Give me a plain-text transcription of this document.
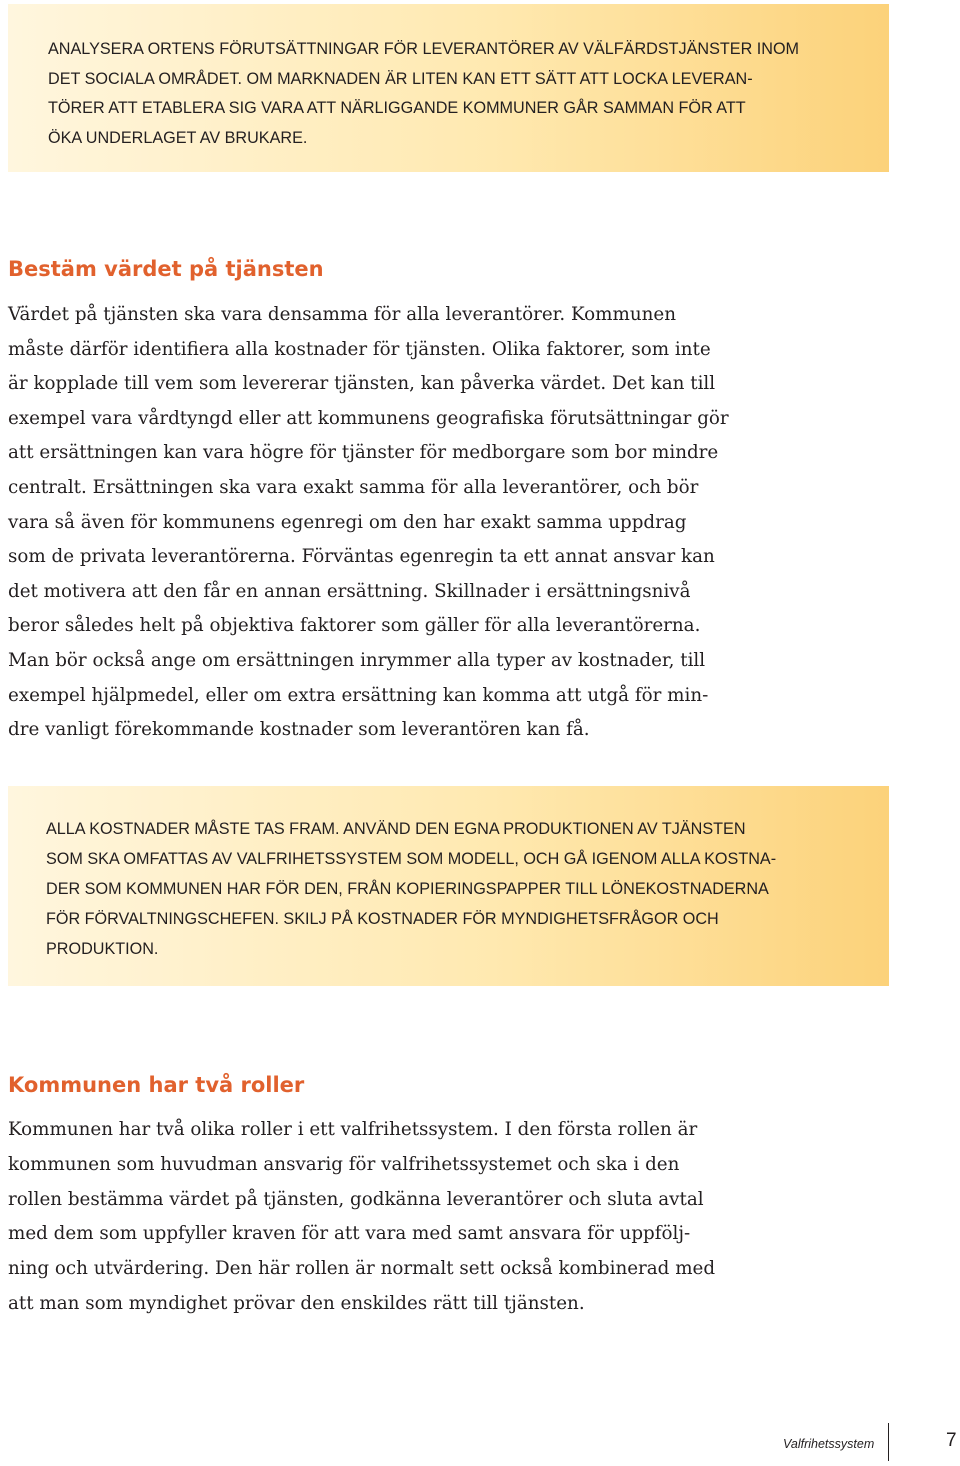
ANALYSERA ORTENS FÖRUTSÄTTNINGAR FÖR LEVERANTÖRER AV VÄLFÄRDSTJÄNSTER INOM
DET SOCIALA OMRÅDET. OM MARKNADEN ÄR LITEN KAN ETT SÄTT ATT LOCKA LEVERAN-
TÖRER ATT ETABLERA SIG VARA ATT NÄRLIGGANDE KOMMUNER GÅR SAMMAN FÖR ATT
ÖKA UNDERLAGET AV BRUKARE.
Bestäm värdet på tjänsten
Värdet på tjänsten ska vara densamma för alla leverantörer. Kommunen
måste därför identifiera alla kostnader för tjänsten. Olika faktorer, som inte
är kopplade till vem som levererar tjänsten, kan påverka värdet. Det kan till
exempel vara vårdtyngd eller att kommunens geografiska förutsättningar gör
att ersättningen kan vara högre för tjänster för medborgare som bor mindre
centralt. Ersättningen ska vara exakt samma för alla leverantörer, och bör
vara så även för kommunens egenregi om den har exakt samma uppdrag
som de privata leverantörerna. Förväntas egenregin ta ett annat ansvar kan
det motivera att den får en annan ersättning. Skillnader i ersättningsnivå
beror således helt på objektiva faktorer som gäller för alla leverantörerna.
Man bör också ange om ersättningen inrymmer alla typer av kostnader, till
exempel hjälpmedel, eller om extra ersättning kan komma att utgå för min-
dre vanligt förekommande kostnader som leverantören kan få.
ALLA KOSTNADER MÅSTE TAS FRAM. ANVÄND DEN EGNA PRODUKTIONEN AV TJÄNSTEN
SOM SKA OMFATTAS AV VALFRIHETSSYSTEM SOM MODELL, OCH GÅ IGENOM ALLA KOSTNA-
DER SOM KOMMUNEN HAR FÖR DEN, FRÅN KOPIERINGSPAPPER TILL LÖNEKOSTNADERNA
FÖR FÖRVALTNINGSCHEFEN. SKILJ PÅ KOSTNADER FÖR MYNDIGHETSFRÅGOR OCH
PRODUKTION.
Kommunen har två roller
Kommunen har två olika roller i ett valfrihetssystem. I den första rollen är
kommunen som huvudman ansvarig för valfrihetssystemet och ska i den
rollen bestämma värdet på tjänsten, godkänna leverantörer och sluta avtal
med dem som uppfyller kraven för att vara med samt ansvara för uppfölj-
ning och utvärdering. Den här rollen är normalt sett också kombinerad med
att man som myndighet prövar den enskildes rätt till tjänsten.
Valfrihetssystem	7
